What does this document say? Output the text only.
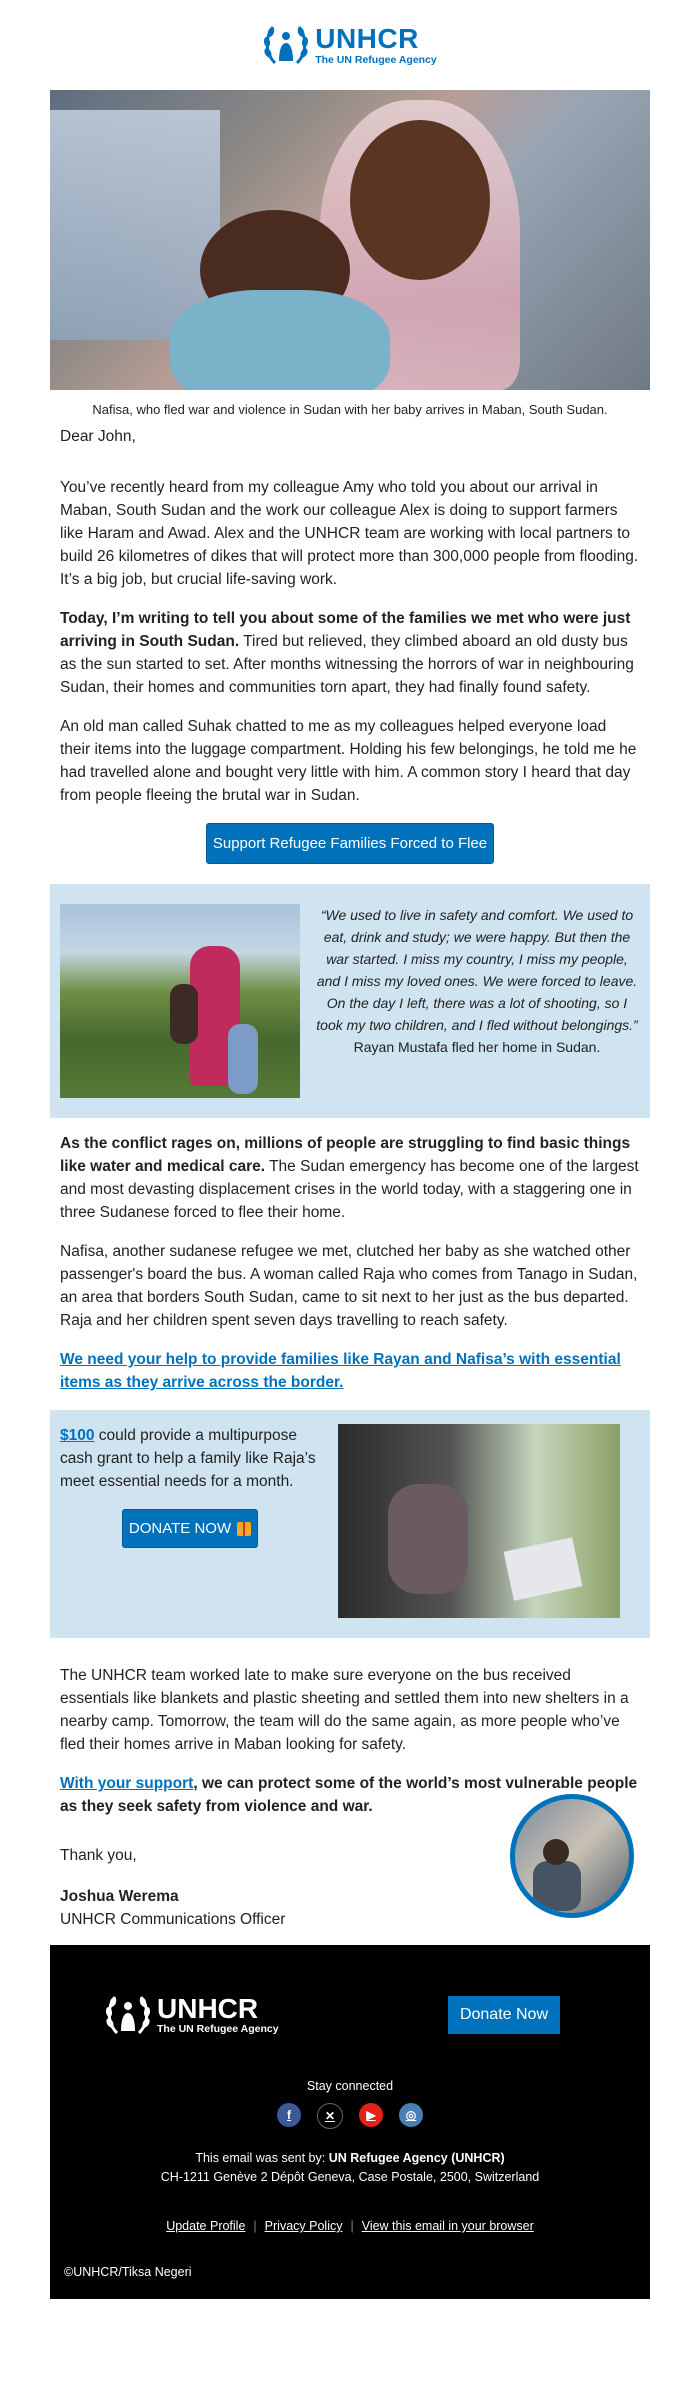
UNHCR
The UN Refugee Agency
Nafisa, who fled war and violence in Sudan with her baby arrives in Maban, South Sudan.

Dear John,

You’ve recently heard from my colleague Amy who told you about our arrival in Maban, South Sudan and the work our colleague Alex is doing to support farmers like Haram and Awad. Alex and the UNHCR team are working with local partners to build 26 kilometres of dikes that will protect more than 300,000 people from flooding. It’s a big job, but crucial life-saving work.

Today, I’m writing to tell you about some of the families we met who were just arriving in South Sudan. Tired but relieved, they climbed aboard an old dusty bus as the sun started to set. After months witnessing the horrors of war in neighbouring Sudan, their homes and communities torn apart, they had finally found safety.

An old man called Suhak chatted to me as my colleagues helped everyone load their items into the luggage compartment. Holding his few belongings, he told me he had travelled alone and bought very little with him. A common story I heard that day from people fleeing the brutal war in Sudan.

Support Refugee Families Forced to Flee
“We used to live in safety and comfort. We used to eat, drink and study; we were happy. But then the war started. I miss my country, I miss my people, and I miss my loved ones. We were forced to leave. On the day I left, there was a lot of shooting, so I took my two children, and I fled without belongings.” Rayan Mustafa fled her home in Sudan.

As the conflict rages on, millions of people are struggling to find basic things like water and medical care. The Sudan emergency has become one of the largest and most devasting displacement crises in the world today, with a staggering one in three Sudanese forced to flee their home.

Nafisa, another sudanese refugee we met, clutched her baby as she watched other passenger's board the bus. A woman called Raja who comes from Tanago in Sudan, an area that borders South Sudan, came to sit next to her just as the bus departed. Raja and her children spent seven days travelling to reach safety.

We need your help to provide families like Rayan and Nafisa’s with essential items as they arrive across the border.

$100 could provide a multipurpose cash grant to help a family like Raja’s meet essential needs for a month.
DONATE NOW

The UNHCR team worked late to make sure everyone on the bus received essentials like blankets and plastic sheeting and settled them into new shelters in a nearby camp. Tomorrow, the team will do the same again, as more people who’ve fled their homes arrive in Maban looking for safety.

With your support, we can protect some of the world’s most vulnerable people as they seek safety from violence and war.

Thank you,

Joshua Werema
UNHCR Communications Officer
UNHCR
The UN Refugee Agency
Donate Now
Stay connected
f	✕	▶	◎
This email was sent by: UN Refugee Agency (UNHCR)
CH-1211 Genève 2 Dépôt Geneva, Case Postale, 2500, Switzerland
Update Profile | Privacy Policy | View this email in your browser
©UNHCR/Tiksa Negeri
